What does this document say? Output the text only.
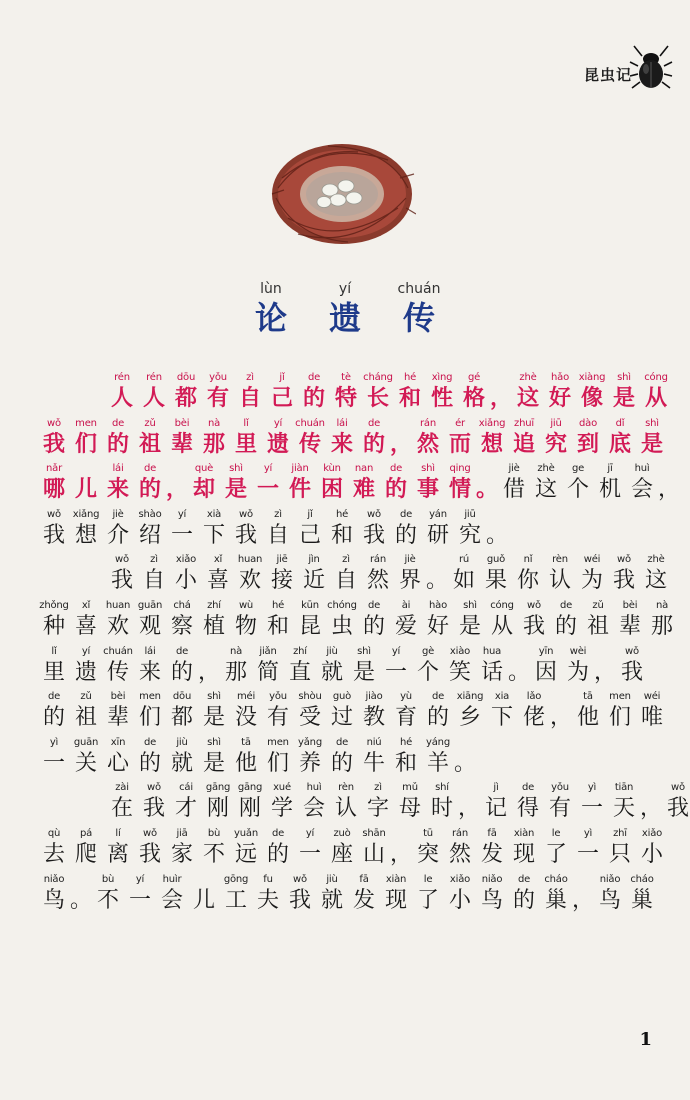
昆虫记
lùn
论
yí
遗
chuán
传
rén
人
rén
人
dōu
都
yǒu
有
zì
自
jǐ
己
de
的
tè
特
cháng
长
hé
和
xìng
性
gé
格 ，
zhè
这
hǎo
好
xiàng
像
shì
是
cóng
从
wǒ
我
men
们
de
的
zǔ
祖
bèi
辈
nà
那
lǐ
里
yí
遗
chuán
传
lái
来
de
的 ，
rán
然
ér
而
xiǎng
想
zhuī
追
jiū
究
dào
到
dǐ
底
shì
是
nǎr
哪 儿
lái
来
de
的 ，
què
却
shì
是
yí
一
jiàn
件
kùn
困
nan
难
de
的
shì
事
qing
情 。
jiè
借
zhè
这
ge
个
jī
机
huì
会 ，
wǒ
我
xiǎng
想
jiè
介
shào
绍
yí
一
xià
下
wǒ
我
zì
自
jǐ
己
hé
和
wǒ
我
de
的
yán
研
jiū
究 。
wǒ
我
zì
自
xiǎo
小
xǐ
喜
huan
欢
jiē
接
jìn
近
zì
自
rán
然
jiè
界 。
rú
如
guǒ
果
nǐ
你
rèn
认
wéi
为
wǒ
我
zhè
这
zhǒng
种
xǐ
喜
huan
欢
guān
观
chá
察
zhí
植
wù
物
hé
和
kūn
昆
chóng
虫
de
的
ài
爱
hào
好
shì
是
cóng
从
wǒ
我
de
的
zǔ
祖
bèi
辈
nà
那
lǐ
里
yí
遗
chuán
传
lái
来
de
的 ，
nà
那
jiǎn
简
zhí
直
jiù
就
shì
是
yí
一
gè
个
xiào
笑
hua
话 。
yīn
因
wèi
为 ，
wǒ
我
de
的
zǔ
祖
bèi
辈
men
们
dōu
都
shì
是
méi
没
yǒu
有
shòu
受
guò
过
jiào
教
yù
育
de
的
xiāng
乡
xia
下
lǎo
佬 ，
tā
他
men
们
wéi
唯
yì
一
guān
关
xīn
心
de
的
jiù
就
shì
是
tā
他
men
们
yǎng
养
de
的
niú
牛
hé
和
yáng
羊 。
zài
在
wǒ
我
cái
才
gāng
刚
gāng
刚
xué
学
huì
会
rèn
认
zì
字
mǔ
母
shí
时 ，
jì
记
de
得
yǒu
有
yì
一
tiān
天 ，
wǒ
我
qù
去
pá
爬
lí
离
wǒ
我
jiā
家
bù
不
yuǎn
远
de
的
yí
一
zuò
座
shān
山 ，
tū
突
rán
然
fā
发
xiàn
现
le
了
yì
一
zhī
只
xiǎo
小
niǎo
鸟 。
bù
不
yí
一
huìr
会 儿
gōng
工
fu
夫
wǒ
我
jiù
就
fā
发
xiàn
现
le
了
xiǎo
小
niǎo
鸟
de
的
cháo
巢 ，
niǎo
鸟
cháo
巢
1
